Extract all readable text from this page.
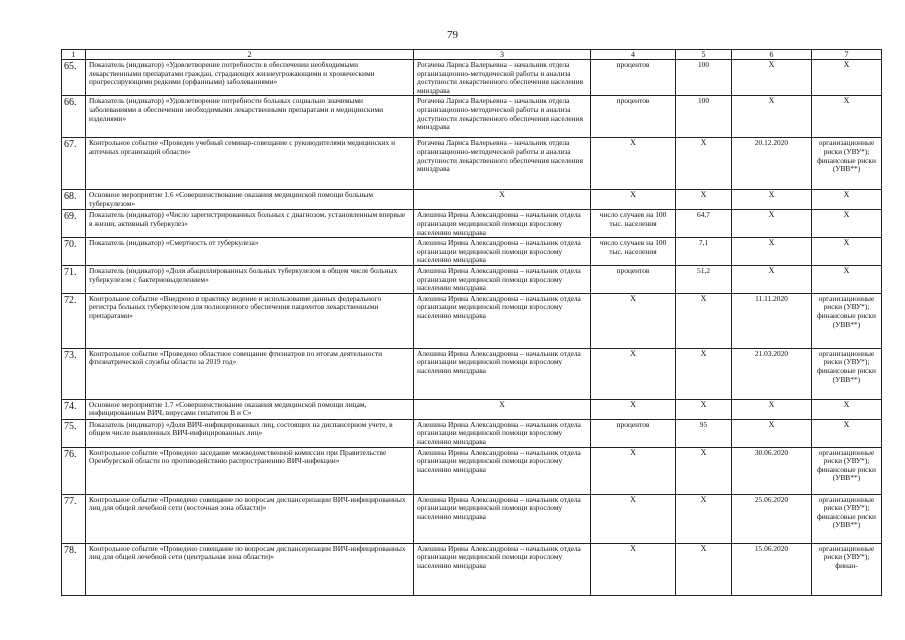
79
1	2	3	4	5	6	7
65.	Показатель (индикатор) «Удовлетворение потребности в обеспечении необходимыми лекарственными препаратами граждан, страдающих жизнеугрожающими и хроническими прогрессирующими редкими (орфанными) заболеваниями»	Рогачева Лариса Валерьевна – начальник отдела организационно-методической работы и анализа доступности лекарственного обеспечения населения минздрава	процентов	100	Х	Х
66.	Показатель (индикатор) «Удовлетворение потребности больных социально значимыми заболеваниями в обеспечении необходимыми лекарственными препаратами и медицинскими изделиями»	Рогачева Лариса Валерьевна – начальник отдела организационно-методической работы и анализа доступности лекарственного обеспечения населения минздрава	процентов	100	Х	Х
67.	Контрольное событие «Проведен учебный семинар-совещание с руководителями медицинских и аптечных организаций области»	Рогачева Лариса Валерьевна – начальник отдела организационно-методической работы и анализа доступности лекарственного обеспечения населения минздрава	Х	Х	20.12.2020	организационные риски (УВУ*); финансовые риски (УВВ**)
68.	Основное мероприятие 1.6 «Совершенствование оказания медицинской помощи больным туберкулезом»	Х	Х	Х	Х	Х
69.	Показатель (индикатор) «Число зарегистрированных больных с диагнозом, установленным впервые в жизни, активный туберкулез»	Алешина Ирина Александровна – начальник отдела организации медицинской помощи взрослому населению минздрава	число случаев на 100 тыс. населения	64,7	Х	Х
70.	Показатель (индикатор) «Смертность от туберкулеза»	Алешина Ирина Александровна – начальник отдела организации медицинской помощи взрослому населению минздрава	число случаев на 100 тыс. населения	7,1	Х	Х
71.	Показатель (индикатор) «Доля абациллированных больных туберкулезом в общем числе больных туберкулезом с бактериовыделением»	Алешина Ирина Александровна – начальник отдела организации медицинской помощи взрослому населению минздрава	процентов	51,2	Х	Х
72.	Контрольное событие «Внедрено в практику ведение и использование данных федерального регистра больных туберкулезом для полноценного обеспечения пациентов лекарственными препаратами»	Алешина Ирина Александровна – начальник отдела организации медицинской помощи взрослому населению минздрава	Х	Х	11.11.2020	организационные риски (УВУ*); финансовые риски (УВВ**)
73.	Контрольное событие «Проведено областное совещание фтизиатров по итогам деятельности фтизиатрической службы области за 2019 год»	Алешина Ирина Александровна – начальник отдела организации медицинской помощи взрослому населению минздрава	Х	Х	21.03.2020	организационные риски (УВУ*); финансовые риски (УВВ**)
74.	Основное мероприятие 1.7 «Совершенствование оказания медицинской помощи лицам, инфицированным ВИЧ, вирусами гепатитов В и С»	Х	Х	Х	Х	Х
75.	Показатель (индикатор) «Доля ВИЧ-инфицированных лиц, состоящих на диспансерном учете, в общем числе выявленных ВИЧ-инфицированных лиц»	Алешина Ирина Александровна – начальник отдела организации медицинской помощи взрослому населению минздрава	процентов	95	Х	Х
76.	Контрольное событие «Проведено заседание межведомственной комиссии при Правительстве Оренбургской области по противодействию распространению ВИЧ-инфекции»	Алешина Ирина Александровна – начальник отдела организации медицинской помощи взрослому населению минздрава	Х	Х	30.06.2020	организационные риски (УВУ*); финансовые риски (УВВ**)
77.	Контрольное событие «Проведено совещание по вопросам диспансеризации ВИЧ-инфицированных лиц для общей лечебной сети (восточная зона области)»	Алешина Ирина Александровна – начальник отдела организации медицинской помощи взрослому населению минздрава	Х	Х	25.06.2020	организационные риски (УВУ*); финансовые риски (УВВ**)
78.	Контрольное событие «Проведено совещание по вопросам диспансеризации ВИЧ-инфицированных лиц для общей лечебной сети (центральная зона области)»	Алешина Ирина Александровна – начальник отдела организации медицинской помощи взрослому населению минздрава	Х	Х	15.06.2020	организационные риски (УВУ*); финан-
